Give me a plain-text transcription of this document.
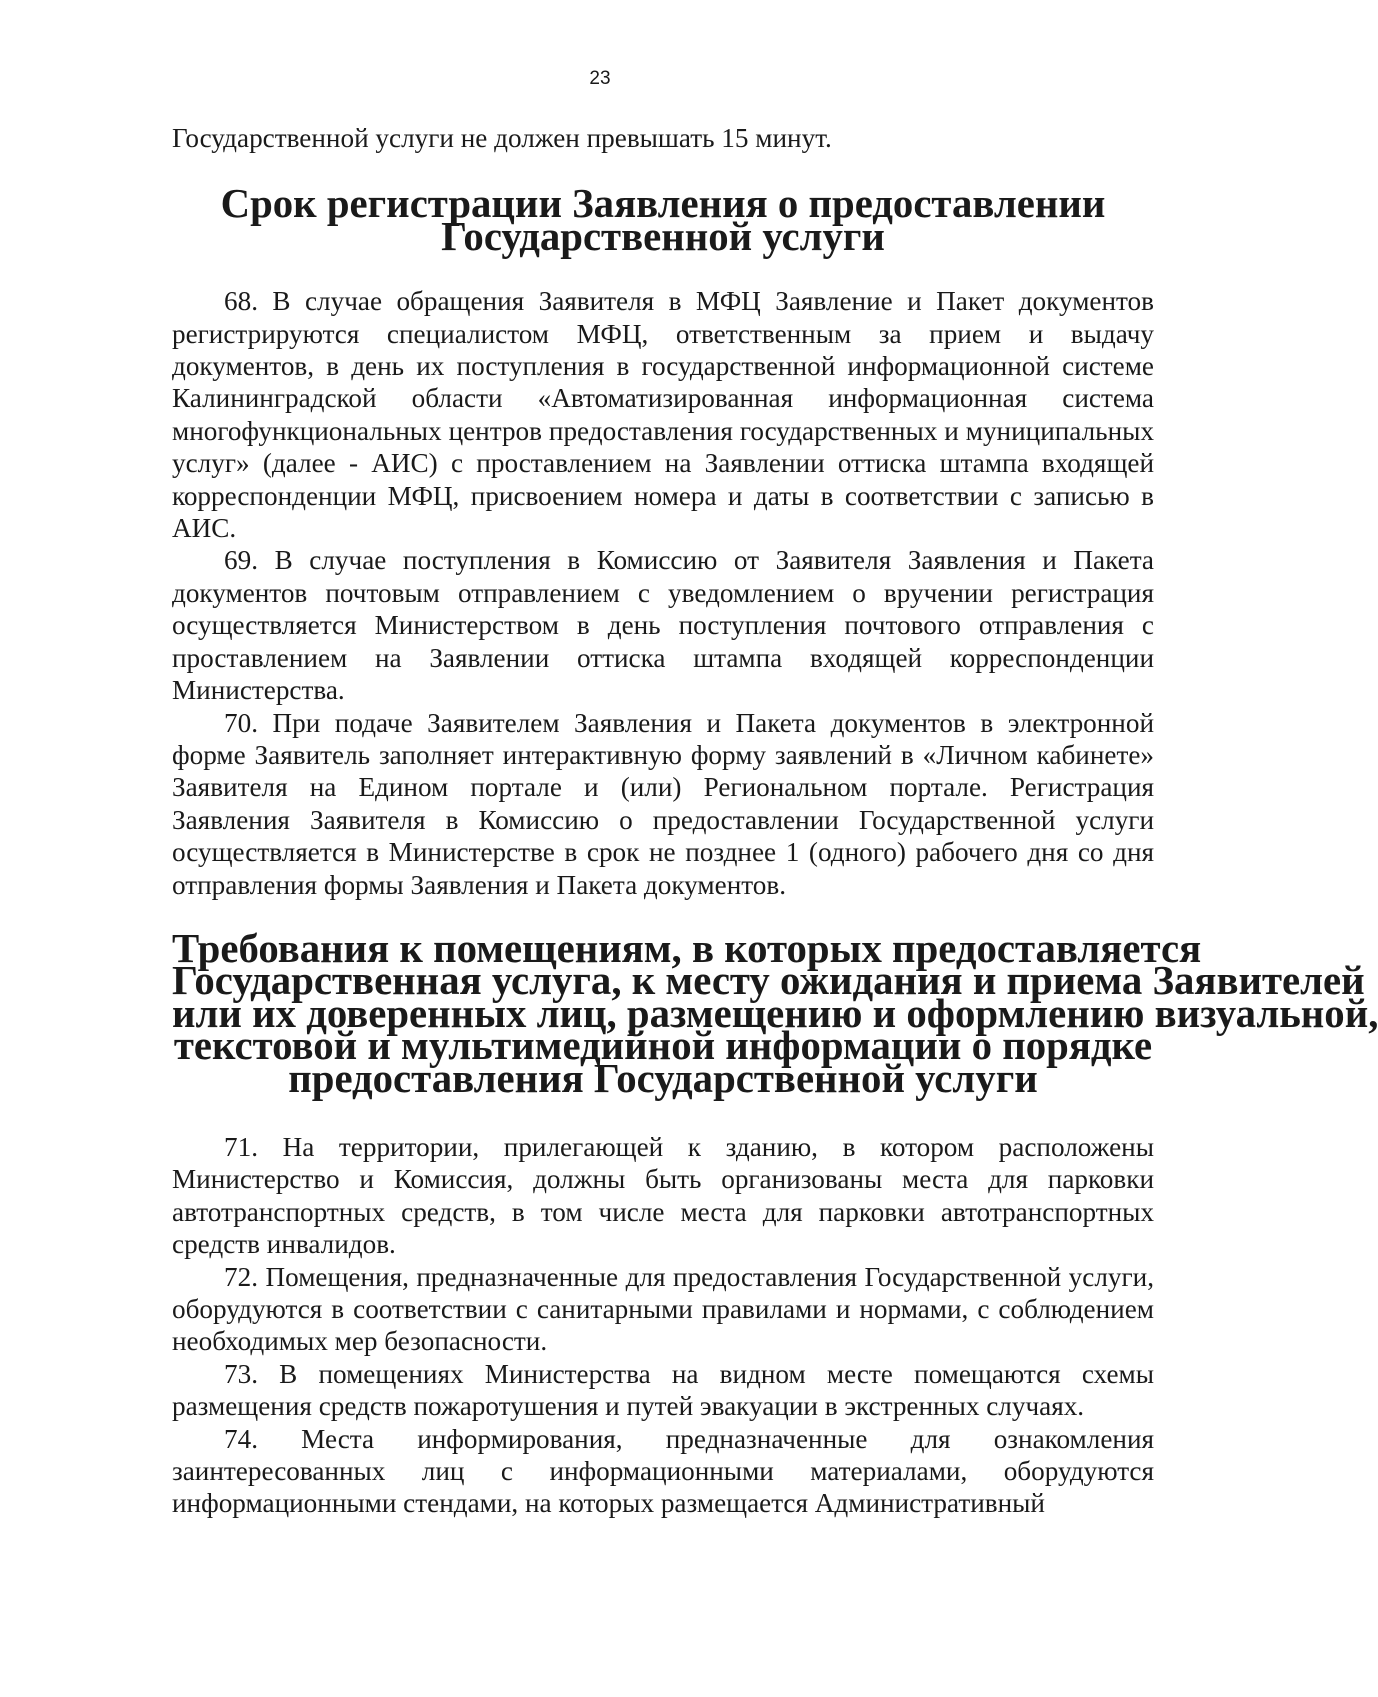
23

Государственной услуги не должен превышать 15 минут.

Срок регистрации Заявления о предоставлении
Государственной услуги

68. В случае обращения Заявителя в МФЦ Заявление и Пакет документов регистрируются специалистом МФЦ, ответственным за прием и выдачу документов, в день их поступления в государственной информационной системе Калининградской области «Автоматизированная информационная система многофункциональных центров предоставления государственных и муниципальных услуг» (далее - АИС) с проставлением на Заявлении оттиска штампа входящей корреспонденции МФЦ, присвоением номера и даты в соответствии с записью в АИС.

69. В случае поступления в Комиссию от Заявителя Заявления и Пакета документов почтовым отправлением с уведомлением о вручении регистрация осуществляется Министерством в день поступления почтового отправления с проставлением на Заявлении оттиска штампа входящей корреспонденции Министерства.

70. При подаче Заявителем Заявления и Пакета документов в электронной форме Заявитель заполняет интерактивную форму заявлений в «Личном кабинете» Заявителя на Едином портале и (или) Региональном портале. Регистрация Заявления Заявителя в Комиссию о предоставлении Государственной услуги осуществляется в Министерстве в срок не позднее 1 (одного) рабочего дня со дня отправления формы Заявления и Пакета документов.

Требования к помещениям, в которых предоставляется
Государственная услуга, к месту ожидания и приема Заявителей
или их доверенных лиц, размещению и оформлению визуальной,
текстовой и мультимедийной информации о порядке
предоставления Государственной услуги

71. На территории, прилегающей к зданию, в котором расположены Министерство и Комиссия, должны быть организованы места для парковки автотранспортных средств, в том числе места для парковки автотранспортных средств инвалидов.

72. Помещения, предназначенные для предоставления Государственной услуги, оборудуются в соответствии с санитарными правилами и нормами, с соблюдением необходимых мер безопасности.

73. В помещениях Министерства на видном месте помещаются схемы размещения средств пожаротушения и путей эвакуации в экстренных случаях.

74. Места информирования, предназначенные для ознакомления заинтересованных лиц с информационными материалами, оборудуются информационными стендами, на которых размещается Административный
